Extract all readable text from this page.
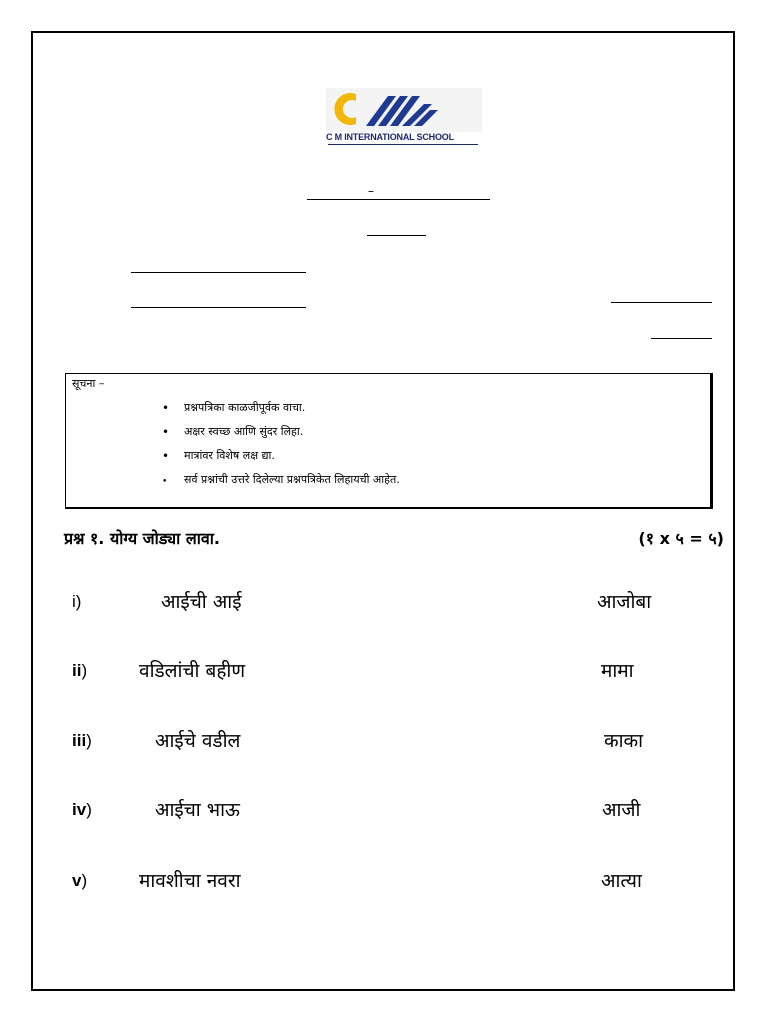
C M INTERNATIONAL SCHOOL
–
सूचना –
• प्रश्नपत्रिका काळजीपूर्वक वाचा.
• अक्षर स्वच्छ आणि सुंदर लिहा.
• मात्रांवर विशेष लक्ष द्या.
• सर्व प्रश्नांची उत्तरे दिलेल्या प्रश्नपत्रिकेत लिहायची आहेत.
प्रश्न १. योग्य जोड्या लावा.	(१ x ५ = ५)
i)	आईची आई	आजोबा
ii)	वडिलांची बहीण	मामा
iii)	आईचे वडील	काका
iv)	आईचा भाऊ	आजी
v)	मावशीचा नवरा	आत्या
